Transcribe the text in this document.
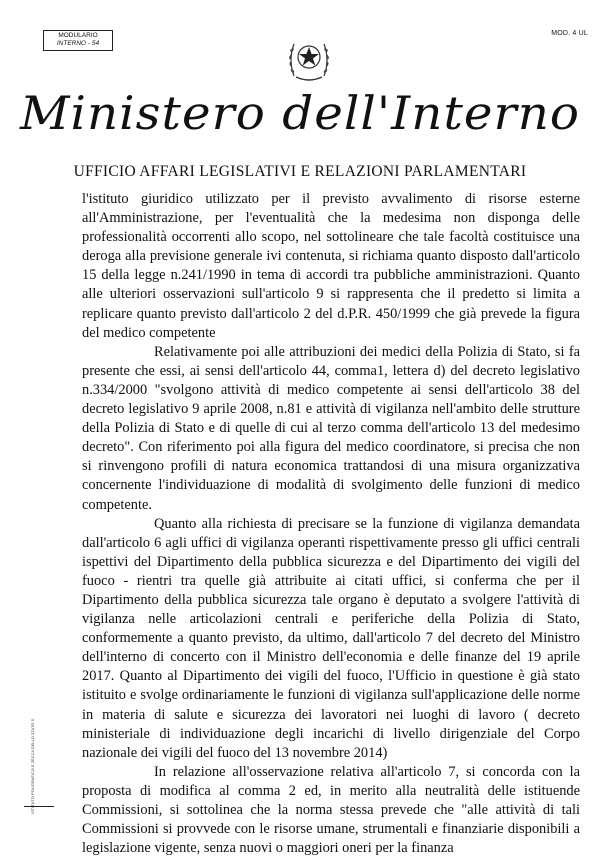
MODULARIO
INTERNO - 54
MOD. 4 UL
Ministero dell'Interno
UFFICIO AFFARI LEGISLATIVI E RELAZIONI PARLAMENTARI

l'istituto giuridico utilizzato per il previsto avvalimento di risorse esterne all'Amministrazione, per l'eventualità che la medesima non disponga delle professionalità occorrenti allo scopo, nel sottolineare che tale facoltà costituisce una deroga alla previsione generale ivi contenuta, si richiama quanto disposto dall'articolo 15 della legge n.241/1990 in tema di accordi tra pubbliche amministrazioni. Quanto alle ulteriori osservazioni sull'articolo 9 si rappresenta che il predetto si limita a replicare quanto previsto dall'articolo 2 del d.P.R. 450/1999 che già prevede la figura del medico competente

Relativamente poi alle attribuzioni dei medici della Polizia di Stato, si fa presente che essi, ai sensi dell'articolo 44, comma1, lettera d) del decreto legislativo n.334/2000 "svolgono attività di medico competente ai sensi dell'articolo 38 del decreto legislativo 9 aprile 2008, n.81 e attività di vigilanza nell'ambito delle strutture della Polizia di Stato e di quelle di cui al terzo comma dell'articolo 13 del medesimo decreto". Con riferimento poi alla figura del medico coordinatore, si precisa che non si rinvengono profili di natura economica trattandosi di una misura organizzativa concernente l'individuazione di modalità di svolgimento delle funzioni di medico competente.

Quanto alla richiesta di precisare se la funzione di vigilanza demandata dall'articolo 6 agli uffici di vigilanza operanti rispettivamente presso gli uffici centrali ispettivi del Dipartimento della pubblica sicurezza e del Dipartimento dei vigili del fuoco - rientri tra quelle già attribuite ai citati uffici, si conferma che per il Dipartimento della pubblica sicurezza tale organo è deputato a svolgere l'attività di vigilanza nelle articolazioni centrali e periferiche della Polizia di Stato, conformemente a quanto previsto, da ultimo, dall'articolo 7 del decreto del Ministro dell'interno di concerto con il Ministro dell'economia e delle finanze del 19 aprile 2017. Quanto al Dipartimento dei vigili del fuoco, l'Ufficio in questione è già stato istituito e svolge ordinariamente le funzioni di vigilanza sull'applicazione delle norme in materia di salute e sicurezza dei lavoratori nei luoghi di lavoro ( decreto ministeriale di individuazione degli incarichi di livello dirigenziale del Corpo nazionale dei vigili del fuoco del 13 novembre 2014)

In relazione all'osservazione relativa all'articolo 7, si concorda con la proposta di modifica al comma 2 ed, in merito alla neutralità delle istituende Commissioni, si sottolinea che la norma stessa prevede che "alle attività di tali Commissioni si provvede con le risorse umane, strumentali e finanziarie disponibili a legislazione vigente, senza nuovi o maggiori oneri per la finanza

ISTITUTO POLIGRAFICO E ZECCA DELLO STATO S.
